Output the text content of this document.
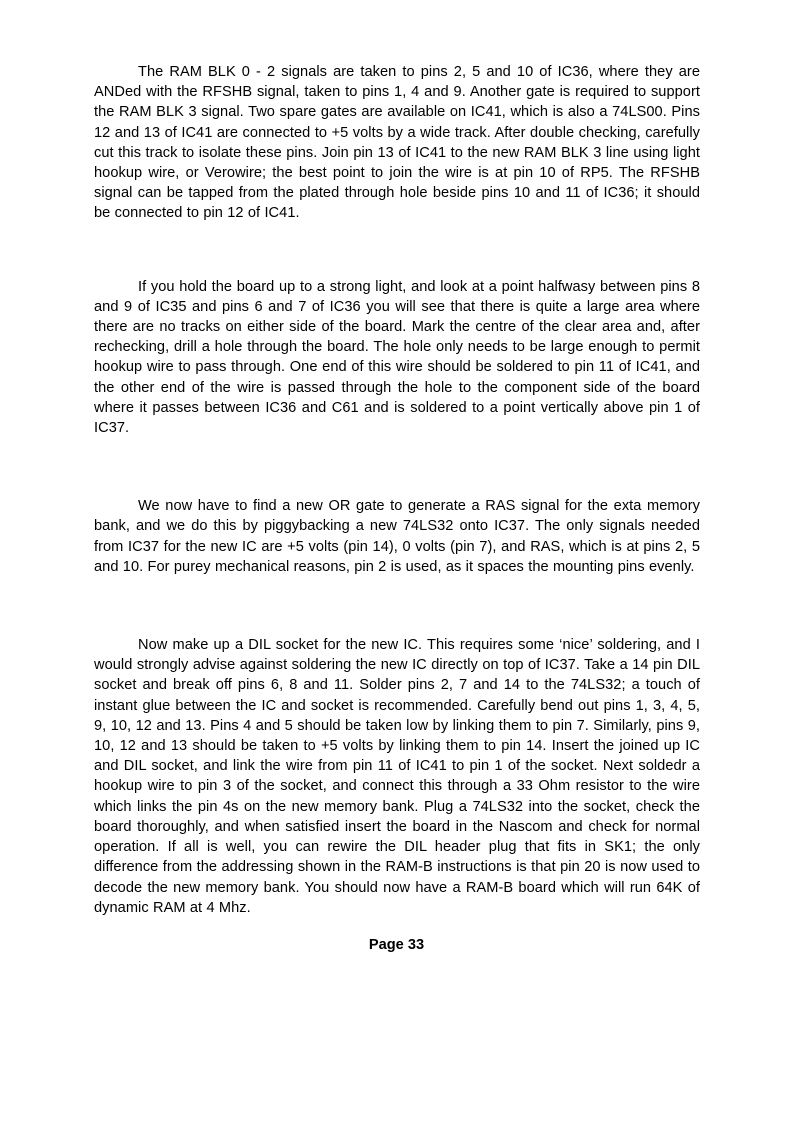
The RAM BLK 0 - 2 signals are taken to pins 2, 5 and 10 of IC36, where they are ANDed with the RFSHB signal, taken to pins 1, 4 and 9. Another gate is required to support the RAM BLK 3 signal. Two spare gates are available on IC41, which is also a 74LS00. Pins 12 and 13 of IC41 are connected to +5 volts by a wide track. After double checking, carefully cut this track to isolate these pins. Join pin 13 of IC41 to the new RAM BLK 3 line using light hookup wire, or Verowire; the best point to join the wire is at pin 10 of RP5. The RFSHB signal can be tapped from the plated through hole beside pins 10 and 11 of IC36; it should be connected to pin 12 of IC41.

If you hold the board up to a strong light, and look at a point halfwasy between pins 8 and 9 of IC35 and pins 6 and 7 of IC36 you will see that there is quite a large area where there are no tracks on either side of the board. Mark the centre of the clear area and, after rechecking, drill a hole through the board. The hole only needs to be large enough to permit hookup wire to pass through. One end of this wire should be soldered to pin 11 of IC41, and the other end of the wire is passed through the hole to the component side of the board where it passes between IC36 and C61 and is soldered to a point vertically above pin 1 of IC37.

We now have to find a new OR gate to generate a RAS signal for the exta memory bank, and we do this by piggybacking a new 74LS32 onto IC37. The only signals needed from IC37 for the new IC are +5 volts (pin 14), 0 volts (pin 7), and RAS, which is at pins 2, 5 and 10. For purey mechanical reasons, pin 2 is used, as it spaces the mounting pins evenly.

Now make up a DIL socket for the new IC. This requires some ‘nice’ soldering, and I would strongly advise against soldering the new IC directly on top of IC37. Take a 14 pin DIL socket and break off pins 6, 8 and 11. Solder pins 2, 7 and 14 to the 74LS32; a touch of instant glue between the IC and socket is recommended. Carefully bend out pins 1, 3, 4, 5, 9, 10, 12 and 13. Pins 4 and 5 should be taken low by linking them to pin 7. Similarly, pins 9, 10, 12 and 13 should be taken to +5 volts by linking them to pin 14. Insert the joined up IC and DIL socket, and link the wire from pin 11 of IC41 to pin 1 of the socket. Next soldedr a hookup wire to pin 3 of the socket, and connect this through a 33 Ohm resistor to the wire which links the pin 4s on the new memory bank. Plug a 74LS32 into the socket, check the board thoroughly, and when satisfied insert the board in the Nascom and check for normal operation. If all is well, you can rewire the DIL header plug that fits in SK1; the only difference from the addressing shown in the RAM-B instructions is that pin 20 is now used to decode the new memory bank. You should now have a RAM-B board which will run 64K of dynamic RAM at 4 Mhz.

Page 33
